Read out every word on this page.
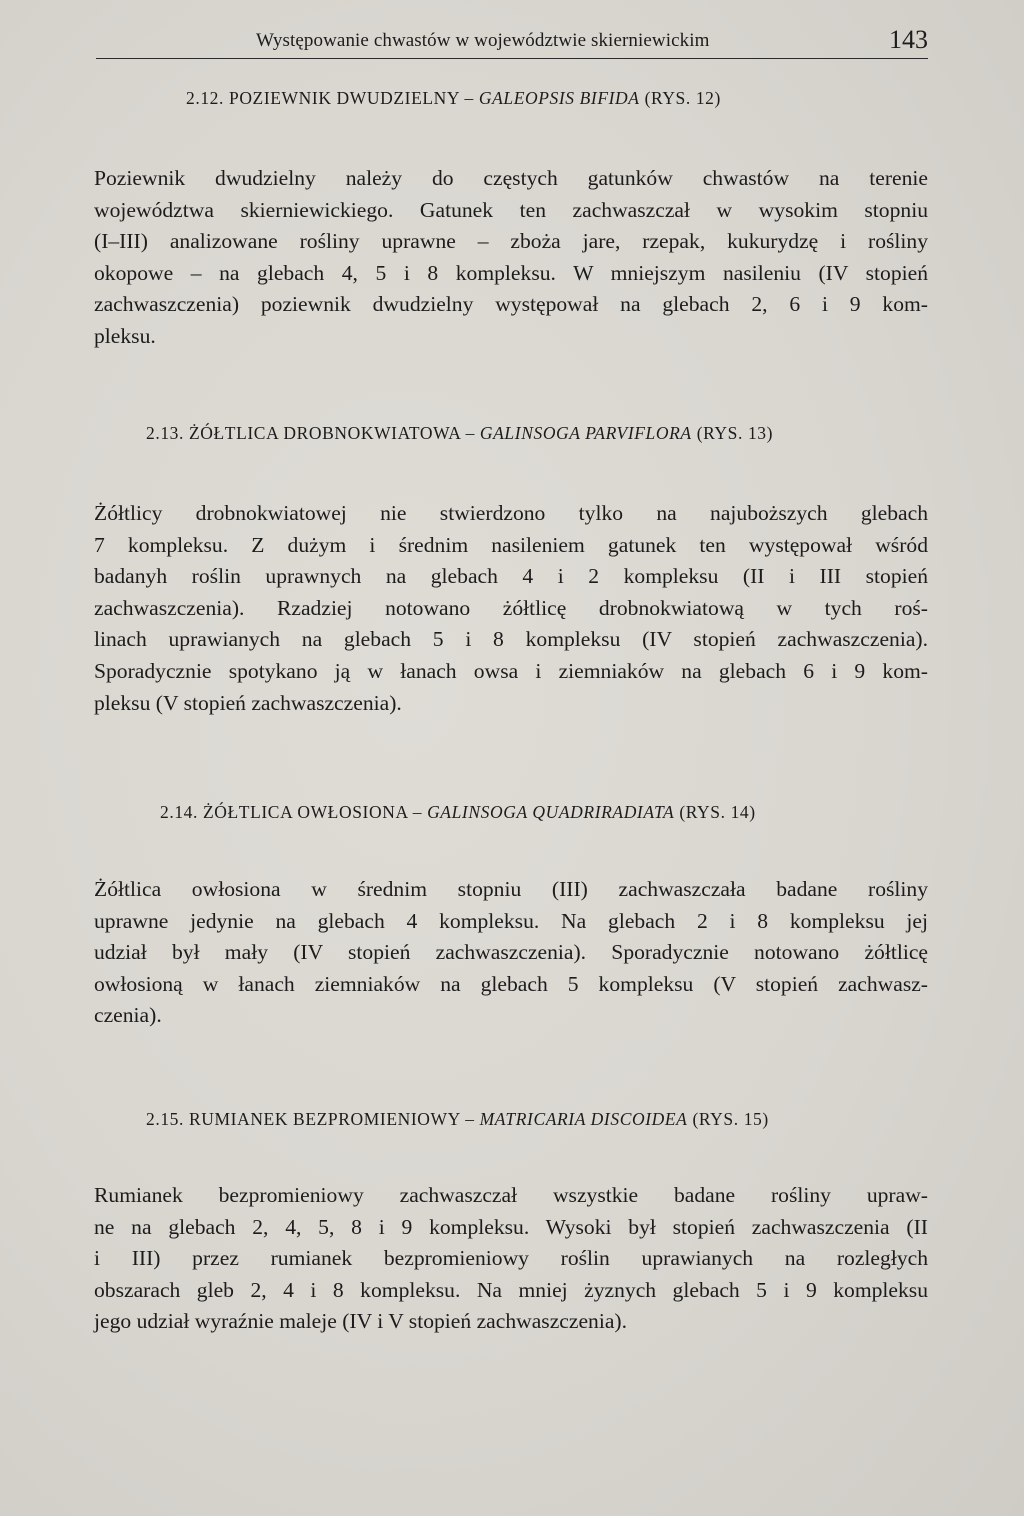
Występowanie chwastów w województwie skierniewickim	143
2.12. POZIEWNIK DWUDZIELNY – GALEOPSIS BIFIDA (RYS. 12)
Poziewnik dwudzielny należy do częstych gatunków chwastów na terenie
województwa skierniewickiego. Gatunek ten zachwaszczał w wysokim stopniu
(I–III) analizowane rośliny uprawne – zboża jare, rzepak, kukurydzę i rośliny
okopowe – na glebach 4, 5 i 8 kompleksu. W mniejszym nasileniu (IV stopień
zachwaszczenia) poziewnik dwudzielny występował na glebach 2, 6 i 9 kom-
pleksu.
2.13. ŻÓŁTLICA DROBNOKWIATOWA – GALINSOGA PARVIFLORA (RYS. 13)
Żółtlicy drobnokwiatowej nie stwierdzono tylko na najuboższych glebach
7 kompleksu. Z dużym i średnim nasileniem gatunek ten występował wśród
badanyh roślin uprawnych na glebach 4 i 2 kompleksu (II i III stopień
zachwaszczenia). Rzadziej notowano żółtlicę drobnokwiatową w tych roś-
linach uprawianych na glebach 5 i 8 kompleksu (IV stopień zachwaszczenia).
Sporadycznie spotykano ją w łanach owsa i ziemniaków na glebach 6 i 9 kom-
pleksu (V stopień zachwaszczenia).
2.14. ŻÓŁTLICA OWŁOSIONA – GALINSOGA QUADRIRADIATA (RYS. 14)
Żółtlica owłosiona w średnim stopniu (III) zachwaszczała badane rośliny
uprawne jedynie na glebach 4 kompleksu. Na glebach 2 i 8 kompleksu jej
udział był mały (IV stopień zachwaszczenia). Sporadycznie notowano żółtlicę
owłosioną w łanach ziemniaków na glebach 5 kompleksu (V stopień zachwasz-
czenia).
2.15. RUMIANEK BEZPROMIENIOWY – MATRICARIA DISCOIDEA (RYS. 15)
Rumianek bezpromieniowy zachwaszczał wszystkie badane rośliny upraw-
ne na glebach 2, 4, 5, 8 i 9 kompleksu. Wysoki był stopień zachwaszczenia (II
i III) przez rumianek bezpromieniowy roślin uprawianych na rozległych
obszarach gleb 2, 4 i 8 kompleksu. Na mniej żyznych glebach 5 i 9 kompleksu
jego udział wyraźnie maleje (IV i V stopień zachwaszczenia).
